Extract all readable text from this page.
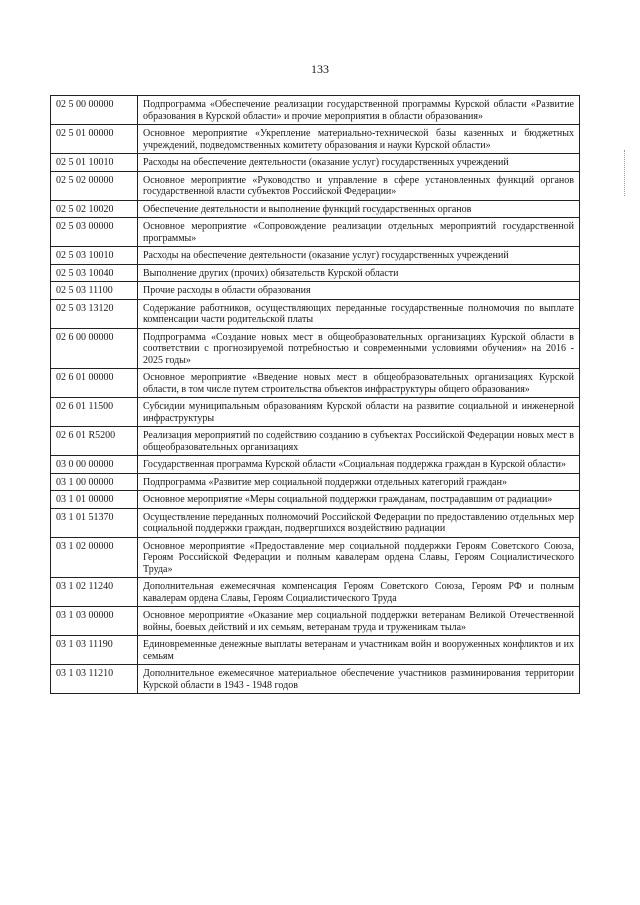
133
02 5 00 00000	Подпрограмма «Обеспечение реализации государственной программы Курской области «Развитие образования в Курской области» и прочие мероприятия в области образования»
02 5 01 00000	Основное мероприятие «Укрепление материально-технической базы казенных и бюджетных учреждений, подведомственных комитету образования и науки Курской области»
02 5 01 10010	Расходы на обеспечение деятельности (оказание услуг) государственных учреждений
02 5 02 00000	Основное мероприятие «Руководство и управление в сфере установленных функций органов государственной власти субъектов Российской Федерации»
02 5 02 10020	Обеспечение деятельности и выполнение функций государственных органов
02 5 03 00000	Основное мероприятие «Сопровождение реализации отдельных мероприятий государственной программы»
02 5 03 10010	Расходы на обеспечение деятельности (оказание услуг) государственных учреждений
02 5 03 10040	Выполнение других (прочих) обязательств Курской области
02 5 03 11100	Прочие расходы в области образования
02 5 03 13120	Содержание работников, осуществляющих переданные государственные полномочия по выплате компенсации части родительской платы
02 6 00 00000	Подпрограмма «Создание новых мест в общеобразовательных организациях Курской области в соответствии с прогнозируемой потребностью и современными условиями обучения» на 2016 - 2025 годы»
02 6 01 00000	Основное мероприятие «Введение новых мест в общеобразовательных организациях Курской области, в том числе путем строительства объектов инфраструктуры общего образования»
02 6 01 11500	Субсидии муниципальным образованиям Курской области на развитие социальной и инженерной инфраструктуры
02 6 01 R5200	Реализация мероприятий по содействию созданию в субъектах Российской Федерации новых мест в общеобразовательных организациях
03 0 00 00000	Государственная программа Курской области «Социальная поддержка граждан в Курской области»
03 1 00 00000	Подпрограмма «Развитие мер социальной поддержки отдельных категорий граждан»
03 1 01 00000	Основное мероприятие «Меры социальной поддержки гражданам, пострадавшим от радиации»
03 1 01 51370	Осуществление переданных полномочий Российской Федерации по предоставлению отдельных мер социальной поддержки граждан, подвергшихся воздействию радиации
03 1 02 00000	Основное мероприятие «Предоставление мер социальной поддержки Героям Советского Союза, Героям Российской Федерации и полным кавалерам ордена Славы, Героям Социалистического Труда»
03 1 02 11240	Дополнительная ежемесячная компенсация Героям Советского Союза, Героям РФ и полным кавалерам ордена Славы, Героям Социалистического Труда
03 1 03 00000	Основное мероприятие «Оказание мер социальной поддержки ветеранам Великой Отечественной войны, боевых действий и их семьям, ветеранам труда и труженикам тыла»
03 1 03 11190	Единовременные денежные выплаты ветеранам и участникам войн и вооруженных конфликтов и их семьям
03 1 03 11210	Дополнительное ежемесячное материальное обеспечение участников разминирования территории Курской области в 1943 - 1948 годов
